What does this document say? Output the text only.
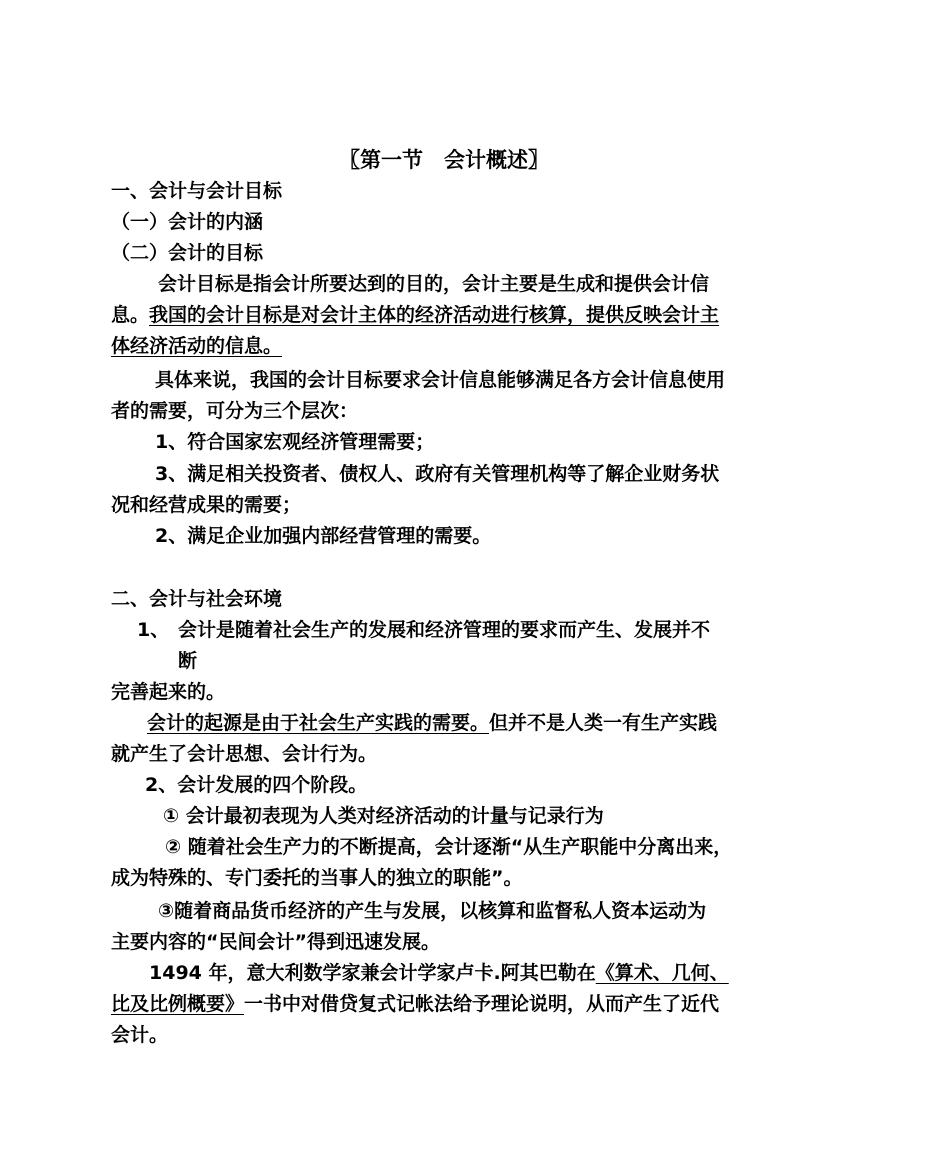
〖第一节　会计概述〗
一、会计与会计目标
（一）会计的内涵
（二）会计的目标
会计目标是指会计所要达到的目的，会计主要是生成和提供会计信
息。我国的会计目标是对会计主体的经济活动进行核算，提供反映会计主
体经济活动的信息。
具体来说，我国的会计目标要求会计信息能够满足各方会计信息使用
者的需要，可分为三个层次：
1、符合国家宏观经济管理需要；
3、满足相关投资者、债权人、政府有关管理机构等了解企业财务状
况和经营成果的需要；
2、满足企业加强内部经营管理的需要。
二、会计与社会环境
1、 会计是随着社会生产的发展和经济管理的要求而产生、发展并不
断
完善起来的。
会计的起源是由于社会生产实践的需要。但并不是人类一有生产实践
就产生了会计思想、会计行为。
2、会计发展的四个阶段。
① 会计最初表现为人类对经济活动的计量与记录行为
② 随着社会生产力的不断提高，会计逐渐“从生产职能中分离出来，
成为特殊的、专门委托的当事人的独立的职能”。
③随着商品货币经济的产生与发展，以核算和监督私人资本运动为
主要内容的“民间会计”得到迅速发展。
1494 年，意大利数学家兼会计学家卢卡.阿其巴勒在《算术、几何、
比及比例概要》一书中对借贷复式记帐法给予理论说明，从而产生了近代
会计。
